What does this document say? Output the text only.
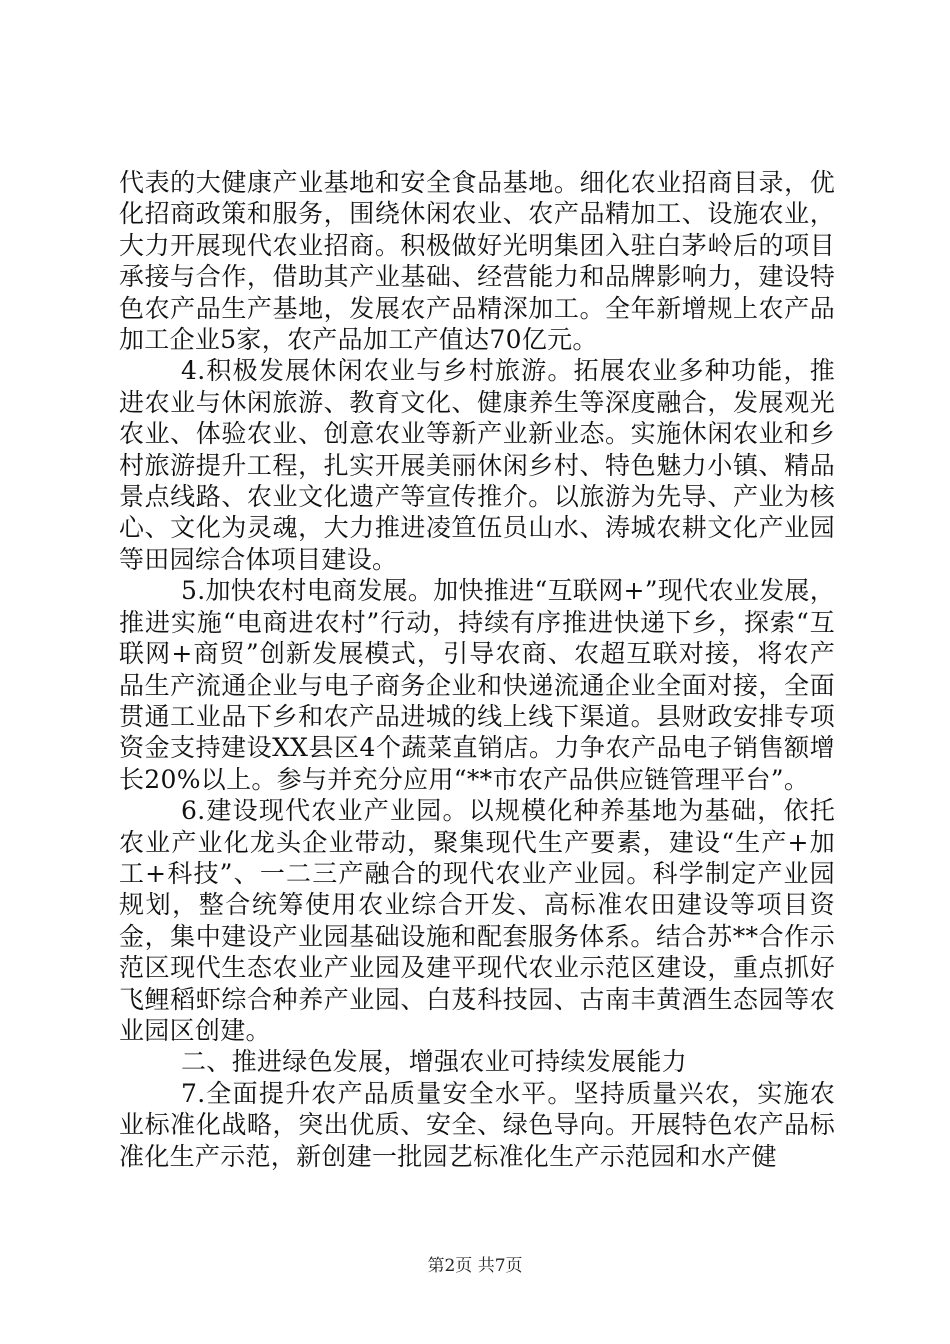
代表的大健康产业基地和安全食品基地。细化农业招商目录，优化招商政策和服务，围绕休闲农业、农产品精加工、设施农业，大力开展现代农业招商。积极做好光明集团入驻白茅岭后的项目承接与合作，借助其产业基础、经营能力和品牌影响力，建设特色农产品生产基地，发展农产品精深加工。全年新增规上农产品加工企业5家，农产品加工产值达70亿元。

4.积极发展休闲农业与乡村旅游。拓展农业多种功能，推进农业与休闲旅游、教育文化、健康养生等深度融合，发展观光农业、体验农业、创意农业等新产业新业态。实施休闲农业和乡村旅游提升工程，扎实开展美丽休闲乡村、特色魅力小镇、精品景点线路、农业文化遗产等宣传推介。以旅游为先导、产业为核心、文化为灵魂，大力推进凌笪伍员山水、涛城农耕文化产业园等田园综合体项目建设。

5.加快农村电商发展。加快推进“互联网+”现代农业发展，推进实施“电商进农村”行动，持续有序推进快递下乡，探索“互联网+商贸”创新发展模式，引导农商、农超互联对接，将农产品生产流通企业与电子商务企业和快递流通企业全面对接，全面贯通工业品下乡和农产品进城的线上线下渠道。县财政安排专项资金支持建设XX县区4个蔬菜直销店。力争农产品电子销售额增长20%以上。参与并充分应用“**市农产品供应链管理平台”。

6.建设现代农业产业园。以规模化种养基地为基础，依托农业产业化龙头企业带动，聚集现代生产要素，建设“生产+加工+科技”、一二三产融合的现代农业产业园。科学制定产业园规划，整合统筹使用农业综合开发、高标准农田建设等项目资金，集中建设产业园基础设施和配套服务体系。结合苏**合作示范区现代生态农业产业园及建平现代农业示范区建设，重点抓好飞鲤稻虾综合种养产业园、白芨科技园、古南丰黄酒生态园等农业园区创建。

二、推进绿色发展，增强农业可持续发展能力

7.全面提升农产品质量安全水平。坚持质量兴农，实施农业标准化战略，突出优质、安全、绿色导向。开展特色农产品标准化生产示范，新创建一批园艺标准化生产示范园和水产健

第2页 共7页
